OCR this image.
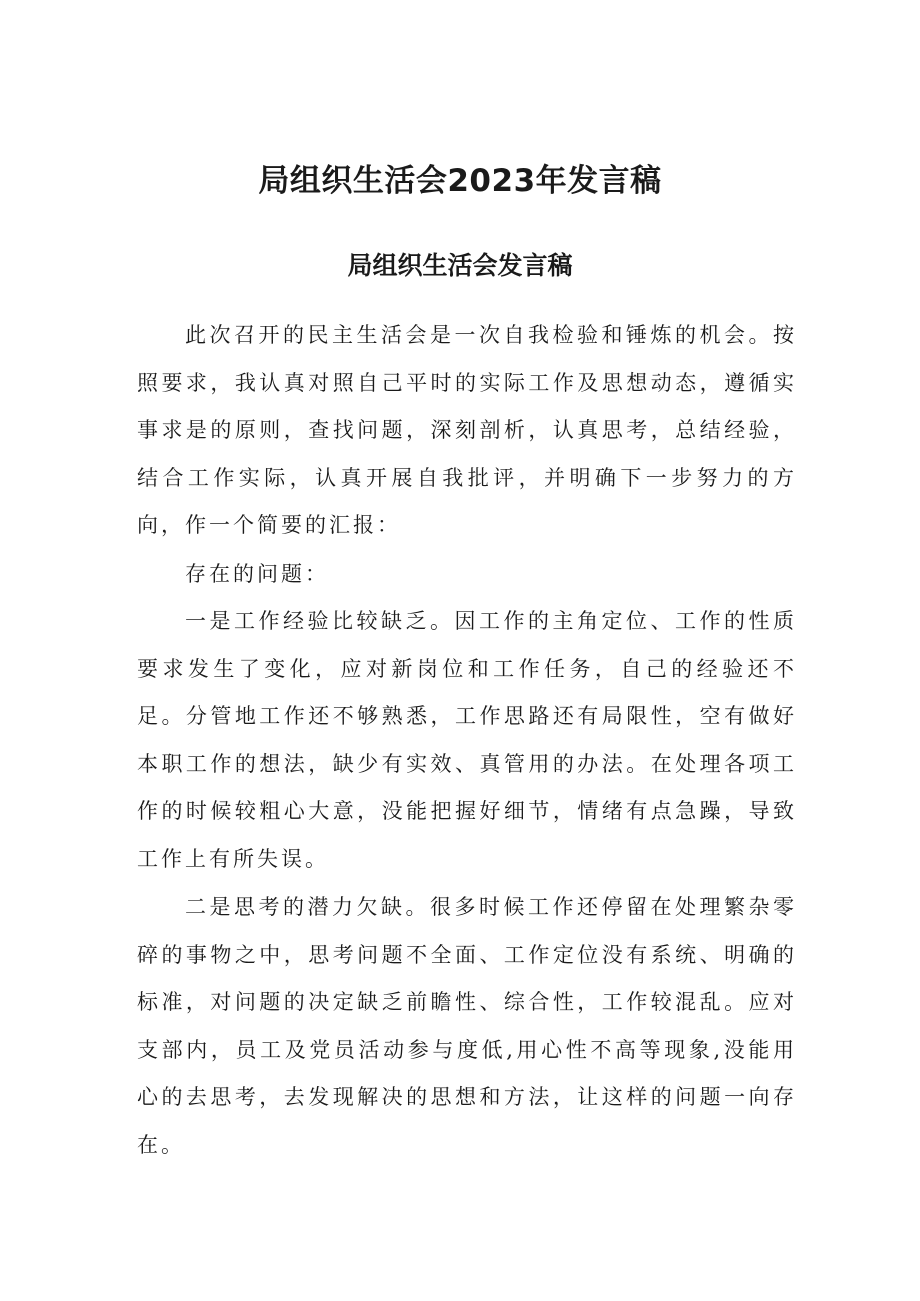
局组织生活会2023年发言稿
局组织生活会发言稿

此次召开的民主生活会是一次自我检验和锤炼的机会。按照要求，我认真对照自己平时的实际工作及思想动态，遵循实事求是的原则，查找问题，深刻剖析，认真思考，总结经验，结合工作实际，认真开展自我批评，并明确下一步努力的方向，作一个简要的汇报：

存在的问题：

一是工作经验比较缺乏。因工作的主角定位、工作的性质要求发生了变化，应对新岗位和工作任务，自己的经验还不足。分管地工作还不够熟悉，工作思路还有局限性，空有做好本职工作的想法，缺少有实效、真管用的办法。在处理各项工作的时候较粗心大意，没能把握好细节，情绪有点急躁，导致工作上有所失误。

二是思考的潜力欠缺。很多时候工作还停留在处理繁杂零碎的事物之中，思考问题不全面、工作定位没有系统、明确的标准，对问题的决定缺乏前瞻性、综合性，工作较混乱。应对支部内，员工及党员活动参与度低,用心性不高等现象,没能用心的去思考，去发现解决的思想和方法，让这样的问题一向存在。
